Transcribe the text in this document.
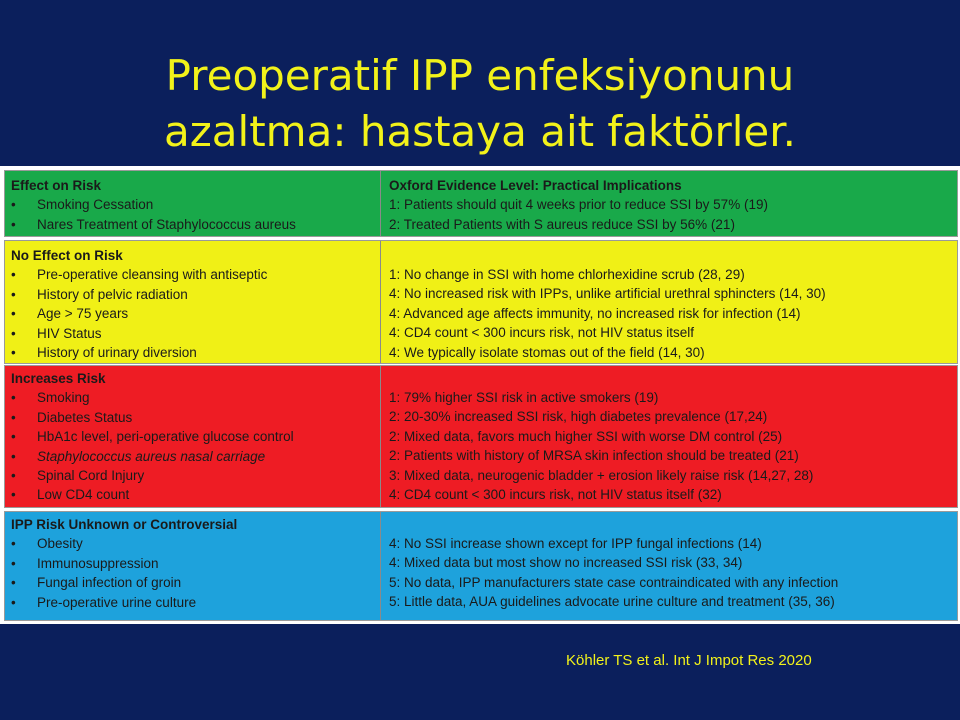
Preoperatif IPP enfeksiyonunu
azaltma: hastaya ait faktörler.
Effect on Risk
• Smoking Cessation
• Nares Treatment of Staphylococcus aureus
Oxford Evidence Level: Practical Implications
1: Patients should quit 4 weeks prior to reduce SSI by 57% (19)
2: Treated Patients with S aureus reduce SSI by 56% (21)
No Effect on Risk
• Pre-operative cleansing with antiseptic
• History of pelvic radiation
• Age > 75 years
• HIV Status
• History of urinary diversion
1: No change in SSI with home chlorhexidine scrub (28, 29)
4: No increased risk with IPPs, unlike artificial urethral sphincters (14, 30)
4: Advanced age affects immunity, no increased risk for infection (14)
4: CD4 count < 300 incurs risk, not HIV status itself
4: We typically isolate stomas out of the field (14, 30)
Increases Risk
• Smoking
• Diabetes Status
• HbA1c level, peri-operative glucose control
• Staphylococcus aureus nasal carriage
• Spinal Cord Injury
• Low CD4 count
1: 79% higher SSI risk in active smokers (19)
2: 20-30% increased SSI risk, high diabetes prevalence (17,24)
2: Mixed data, favors much higher SSI with worse DM control (25)
2: Patients with history of MRSA skin infection should be treated (21)
3: Mixed data, neurogenic bladder + erosion likely raise risk (14,27, 28)
4: CD4 count < 300 incurs risk, not HIV status itself (32)
IPP Risk Unknown or Controversial
• Obesity
• Immunosuppression
• Fungal infection of groin
• Pre-operative urine culture
4: No SSI increase shown except for IPP fungal infections (14)
4: Mixed data but most show no increased SSI risk (33, 34)
5: No data, IPP manufacturers state case contraindicated with any infection
5: Little data, AUA guidelines advocate urine culture and treatment (35, 36)
Köhler TS et al. Int J Impot Res 2020
